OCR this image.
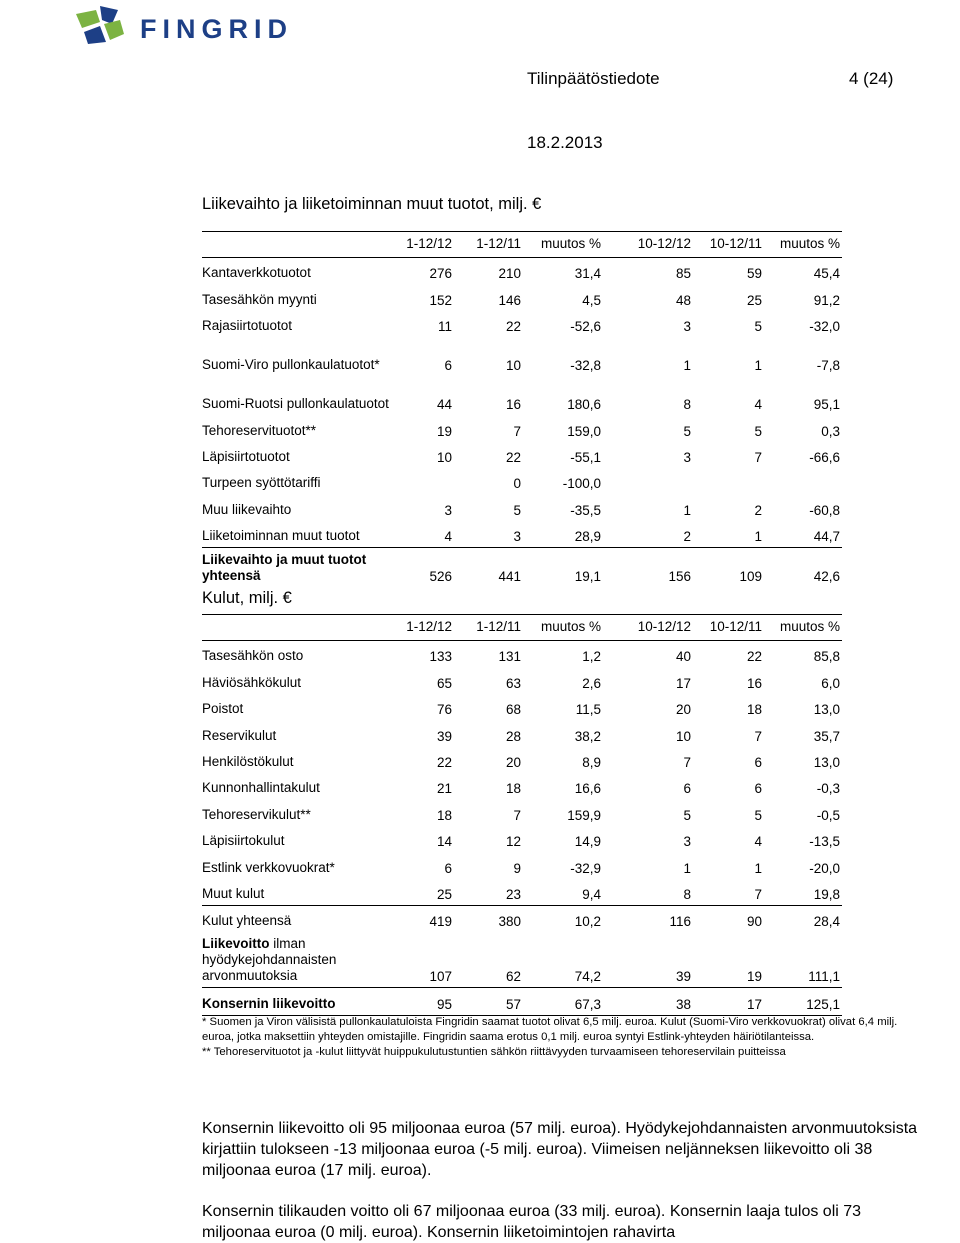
FINGRID
Tilinpäätöstiedote	4 (24)
18.2.2013
Liikevaihto ja liiketoiminnan muut tuotot, milj. €
	1-12/12	1-12/11	muutos %	10-12/12	10-12/11	muutos %
Kantaverkkotuotot	276	210	31,4	85	59	45,4
Tasesähkön myynti	152	146	4,5	48	25	91,2
Rajasiirtotuotot	11	22	-52,6	3	5	-32,0
Suomi-Viro pullonkaulatuotot*	6	10	-32,8	1	1	-7,8
Suomi-Ruotsi pullonkaulatuotot	44	16	180,6	8	4	95,1
Tehoreservituotot**	19	7	159,0	5	5	0,3
Läpisiirtotuotot	10	22	-55,1	3	7	-66,6
Turpeen syöttötariffi		0	-100,0			
Muu liikevaihto	3	5	-35,5	1	2	-60,8
Liiketoiminnan muut tuotot	4	3	28,9	2	1	44,7
Liikevaihto ja muut tuotot yhteensä	526	441	19,1	156	109	42,6
Kulut, milj. €
	1-12/12	1-12/11	muutos %	10-12/12	10-12/11	muutos %
Tasesähkön osto	133	131	1,2	40	22	85,8
Häviösähkökulut	65	63	2,6	17	16	6,0
Poistot	76	68	11,5	20	18	13,0
Reservikulut	39	28	38,2	10	7	35,7
Henkilöstökulut	22	20	8,9	7	6	13,0
Kunnonhallintakulut	21	18	16,6	6	6	-0,3
Tehoreservikulut**	18	7	159,9	5	5	-0,5
Läpisiirtokulut	14	12	14,9	3	4	-13,5
Estlink verkkovuokrat*	6	9	-32,9	1	1	-20,0
Muut kulut	25	23	9,4	8	7	19,8
Kulut yhteensä	419	380	10,2	116	90	28,4
Liikevoitto ilman hyödykejohdannaisten arvonmuutoksia	107	62	74,2	39	19	111,1
Konsernin liikevoitto	95	57	67,3	38	17	125,1

* Suomen ja Viron välisistä pullonkaulatuloista Fingridin saamat tuotot olivat 6,5 milj. euroa. Kulut (Suomi-Viro verkkovuokrat) olivat 6,4 milj. euroa, jotka maksettiin yhteyden omistajille. Fingridin saama erotus 0,1 milj. euroa syntyi Estlink-yhteyden häiriötilanteissa.

** Tehoreservituotot ja -kulut liittyvät huippukulutustuntien sähkön riittävyyden turvaamiseen tehoreservilain puitteissa

Konsernin liikevoitto oli 95 miljoonaa euroa (57 milj. euroa). Hyödykejohdannaisten arvonmuutoksista kirjattiin tulokseen -13 miljoonaa euroa (-5 milj. euroa). Viimeisen neljänneksen liikevoitto oli 38 miljoonaa euroa (17 milj. euroa).

Konsernin tilikauden voitto oli 67 miljoonaa euroa (33 milj. euroa). Konsernin laaja tulos oli 73 miljoonaa euroa (0 milj. euroa). Konsernin liiketoimintojen rahavirta
